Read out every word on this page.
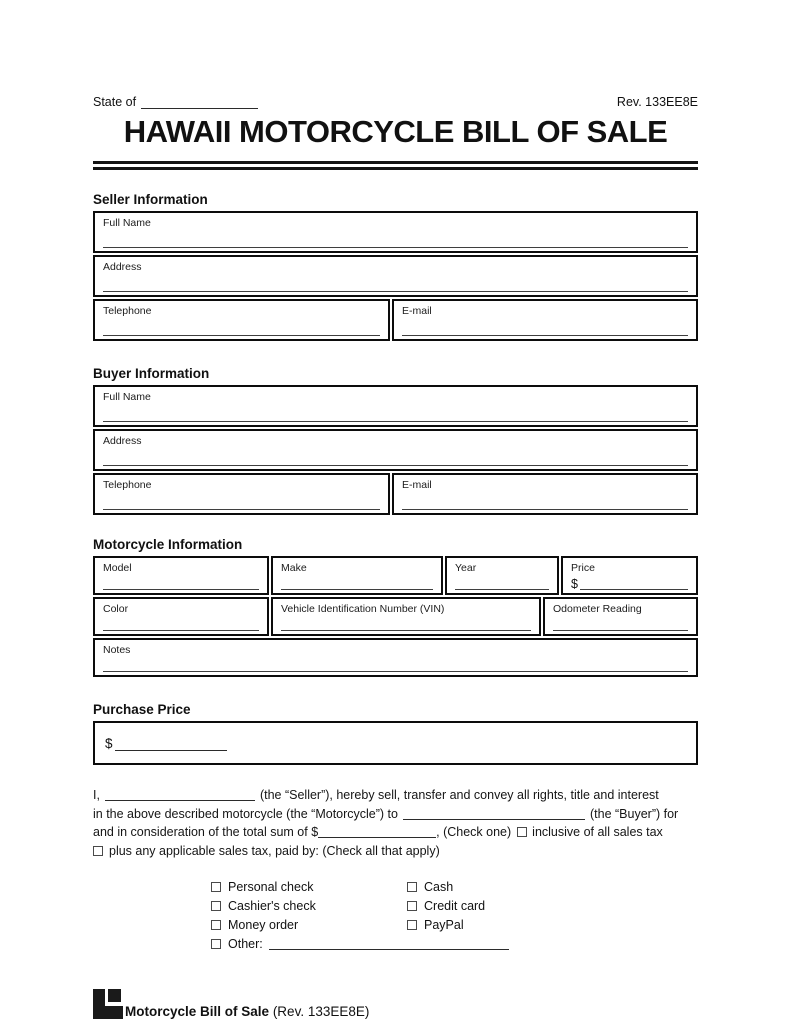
State of	Rev. 133EE8E
HAWAII MOTORCYCLE BILL OF SALE
Seller Information
Full Name
Address
Telephone	E-mail
Buyer Information
Full Name
Address
Telephone	E-mail
Motorcycle Information
Model	Make	Year	Price
$
Color	Vehicle Identification Number (VIN)	Odometer Reading
Notes
Purchase Price
$
I,	(the “Seller”), hereby sell, transfer and convey all rights, title and interest
in the above described motorcycle (the “Motorcycle”) to	(the “Buyer”) for
and in consideration of the total sum of $	, (Check one) inclusive of all sales tax
plus any applicable sales tax, paid by: (Check all that apply)
Personal check	Cash
Cashier's check	Credit card
Money order	PayPal
Other:
Motorcycle Bill of Sale (Rev. 133EE8E)
